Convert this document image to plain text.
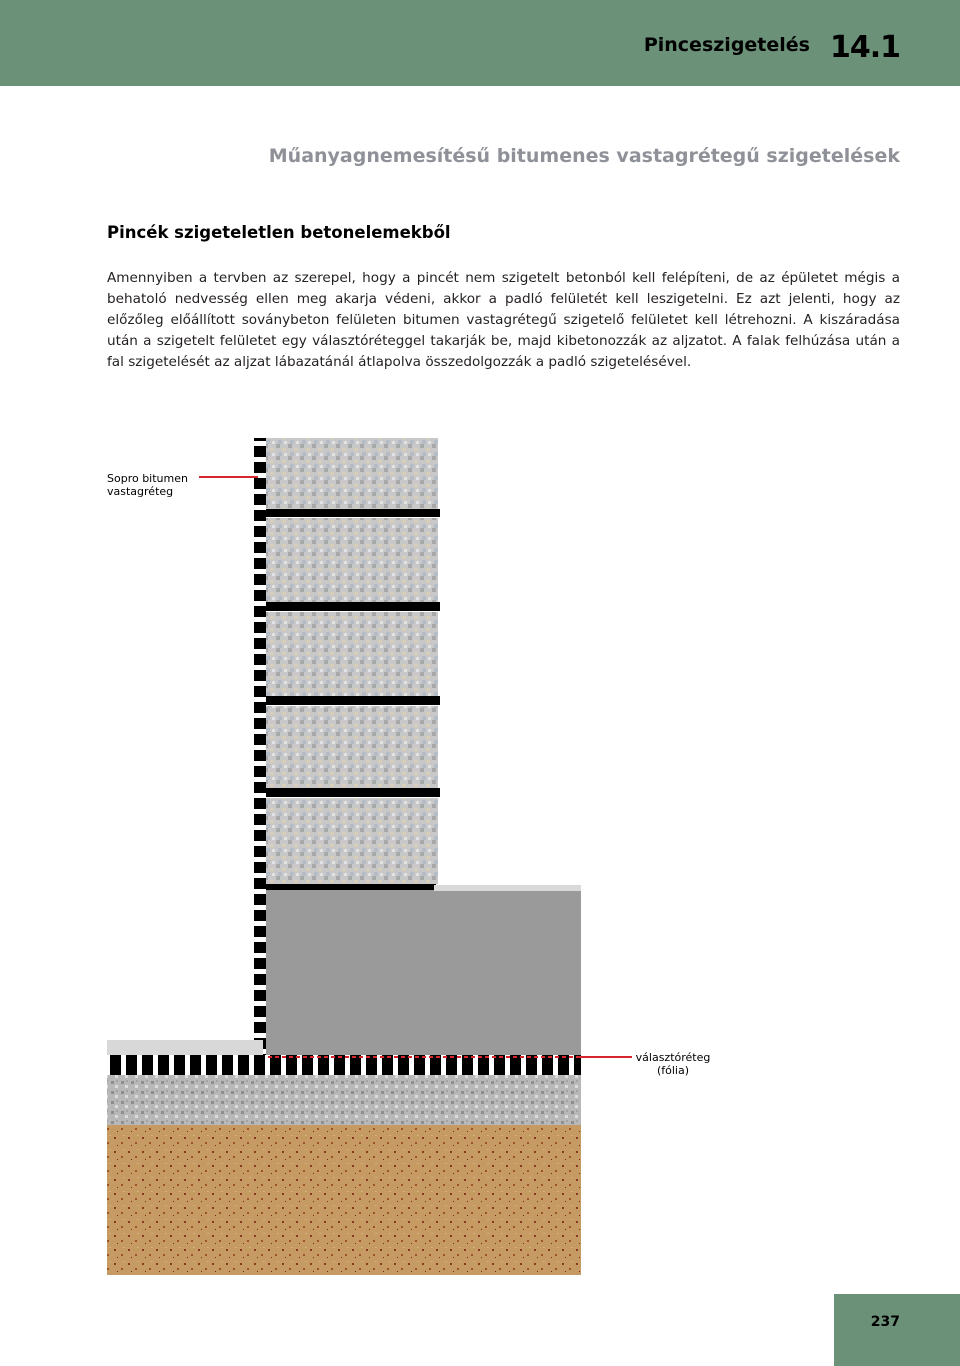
Pinceszigetelés 14.1
Műanyagnemesítésű bitumenes vastagrétegű szigetelések
Pincék szigeteletlen betonelemekből

Amennyiben a tervben az szerepel, hogy a pincét nem szigetelt betonból kell felépíteni, de az épületet mégis a behatoló nedvesség ellen meg akarja védeni, akkor a padló felületét kell leszigetelni. Ez azt jelenti, hogy az előzőleg előállított soványbeton felületen bitumen vastagrétegű szigetelő felületet kell létrehozni. A kiszáradása után a szigetelt felületet egy választóréteggel takarják be, majd kibetonozzák az aljzatot. A falak felhúzása után a fal szigetelését az aljzat lábazatánál átlapolva összedolgozzák a padló szigetelésével.

Sopro bitumen vastagréteg

választóréteg (fólia)

237
